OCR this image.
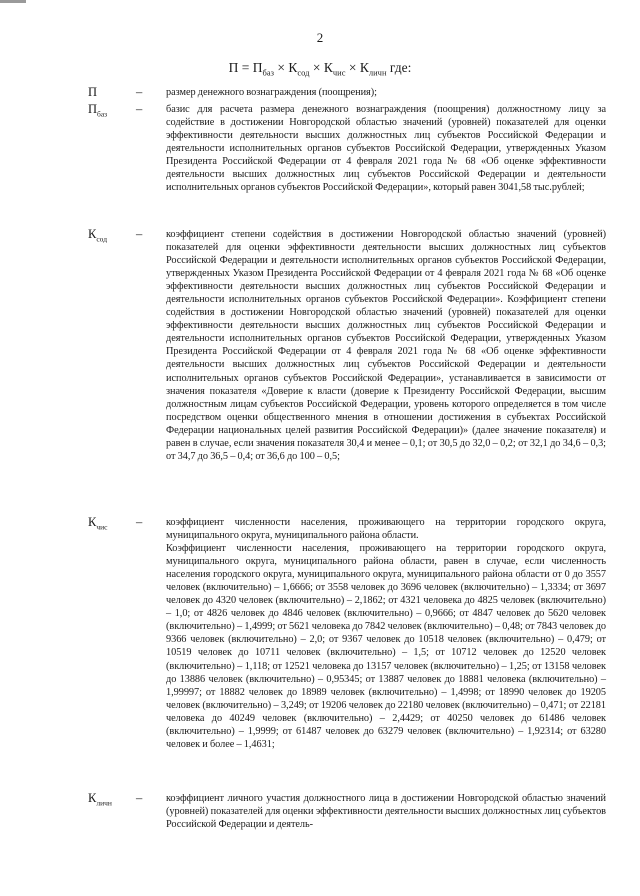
2
$П = П_{баз} \times К_{сод} \times К_{чис} \times К_{личн}$ где:
П	– размер денежного вознаграждения (поощрения);

$П_{баз}$ – базис для расчета размера денежного вознаграждения (поощрения) должностному лицу за содействие в достижении Новгородской областью значений (уровней) показателей для оценки эффективности деятельности высших должностных лиц субъектов Российской Федерации и деятельности исполнительных органов субъектов Российской Федерации, утвержденных Указом Президента Российской Федерации от 4 февраля 2021 года № 68 «Об оценке эффективности деятельности высших должностных лиц субъектов Российской Федерации и деятельности исполнительных органов субъектов Российской Федерации», который равен 3041,58 тыс.рублей;

$К_{сод}$ – коэффициент степени содействия в достижении Новгородской областью значений (уровней) показателей для оценки эффективности деятельности высших должностных лиц субъектов Российской Федерации и деятельности исполнительных органов субъектов Российской Федерации, утвержденных Указом Президента Российской Федерации от 4 февраля 2021 года № 68 «Об оценке эффективности деятельности высших должностных лиц субъектов Российской Федерации и деятельности исполнительных органов субъектов Российской Федерации». Коэффициент степени содействия в достижении Новгородской областью значений (уровней) показателей для оценки эффективности деятельности высших должностных лиц субъектов Российской Федерации и деятельности исполнительных органов субъектов Российской Федерации, утвержденных Указом Президента Российской Федерации от 4 февраля 2021 года № 68 «Об оценке эффективности деятельности высших должностных лиц субъектов Российской Федерации и деятельности исполнительных органов субъектов Российской Федерации», устанавливается в зависимости от значения показателя «Доверие к власти (доверие к Президенту Российской Федерации, высшим должностным лицам субъектов Российской Федерации, уровень которого определяется в том числе посредством оценки общественного мнения в отношении достижения в субъектах Российской Федерации национальных целей развития Российской Федерации)» (далее значение показателя) и равен в случае, если значения показателя 30,4 и менее – 0,1; от 30,5 до 32,0 – 0,2; от 32,1 до 34,6 – 0,3; от 34,7 до 36,5 – 0,4; от 36,6 до 100 – 0,5;

$К_{чис}$ – коэффициент численности населения, проживающего на территории городского округа, муниципального округа, муниципального района области.

Коэффициент численности населения, проживающего на территории городского округа, муниципального округа, муниципального района области, равен в случае, если численность населения городского округа, муниципального округа, муниципального района области от 0 до 3557 человек (включительно) – 1,6666; от 3558 человек до 3696 человек (включительно) – 1,3334; от 3697 человек до 4320 человек (включительно) – 2,1862; от 4321 человека до 4825 человек (включительно) – 1,0; от 4826 человек до 4846 человек (включительно) – 0,9666; от 4847 человек до 5620 человек (включительно) – 1,4999; от 5621 человека до 7842 человек (включительно) – 0,48; от 7843 человек до 9366 человек (включительно) – 2,0; от 9367 человек до 10518 человек (включительно) – 0,479; от 10519 человек до 10711 человек (включительно) – 1,5; от 10712 человек до 12520 человек (включительно) – 1,118; от 12521 человека до 13157 человек (включительно) – 1,25; от 13158 человек до 13886 человек (включительно) – 0,95345; от 13887 человек до 18881 человека (включительно) – 1,99997; от 18882 человек до 18989 человек (включительно) – 1,4998; от 18990 человек до 19205 человек (включительно) – 3,249; от 19206 человек до 22180 человек (включительно) – 0,471; от 22181 человека до 40249 человек (включительно) – 2,4429; от 40250 человек до 61486 человек (включительно) – 1,9999; от 61487 человек до 63279 человек (включительно) – 1,92314; от 63280 человек и более – 1,4631;

$К_{личн}$ – коэффициент личного участия должностного лица в достижении Новгородской областью значений (уровней) показателей для оценки эффективности деятельности высших должностных лиц субъектов Российской Федерации и деятель-
